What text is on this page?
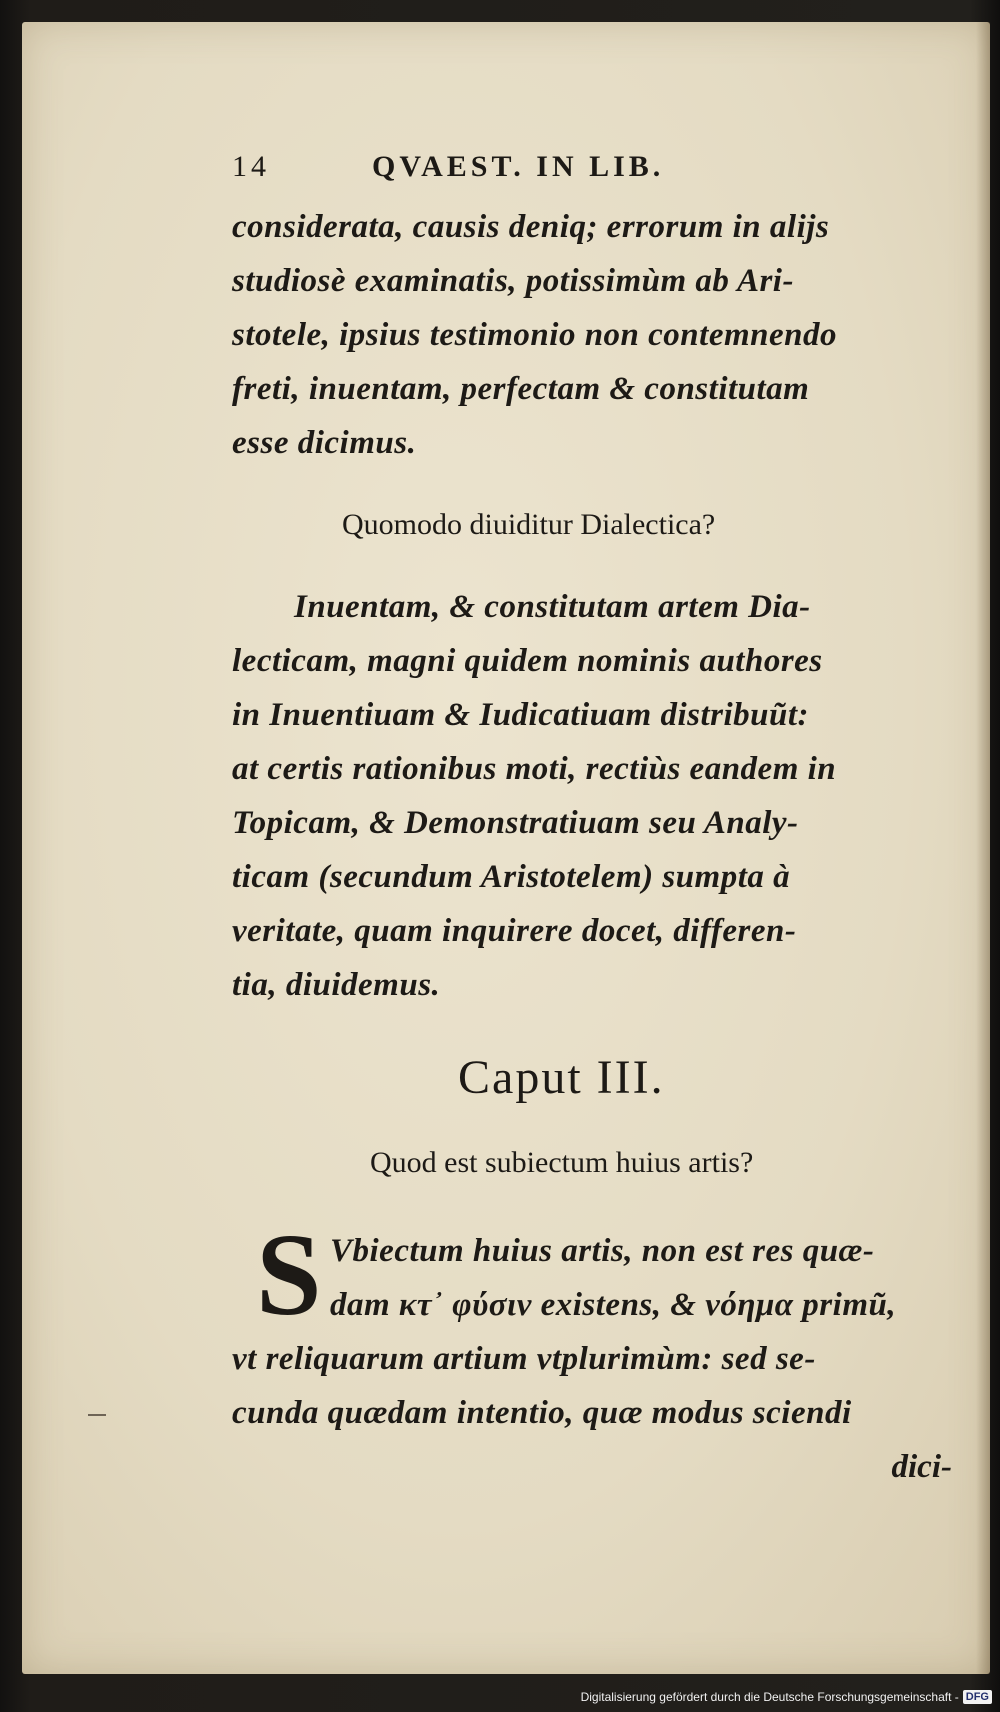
14	QVAEST. IN LIB.
considerata, causis deniq; errorum in alijs
studiosè examinatis, potissimùm ab Ari-
stotele, ipsius testimonio non contemnendo
freti, inuentam, perfectam & constitutam
esse dicimus.
Quomodo diuiditur Dialectica?
Inuentam, & constitutam artem Dia-
lecticam, magni quidem nominis authores
in Inuentiuam & Iudicatiuam distribuũt:
at certis rationibus moti, rectiùs eandem in
Topicam, & Demonstratiuam seu Analy-
ticam (secundum Aristotelem) sumpta à
veritate, quam inquirere docet, differen-
tia, diuidemus.
Caput III.
Quod est subiectum huius artis?
S Vbiectum huius artis, non est res quæ-
dam κτ᾿ φύσιν existens, & νόημα primũ,
vt reliquarum artium vtplurimùm: sed se-
cunda quædam intentio, quæ modus sciendi
dici-
Digitalisierung gefördert durch die Deutsche Forschungsgemeinschaft - DFG
